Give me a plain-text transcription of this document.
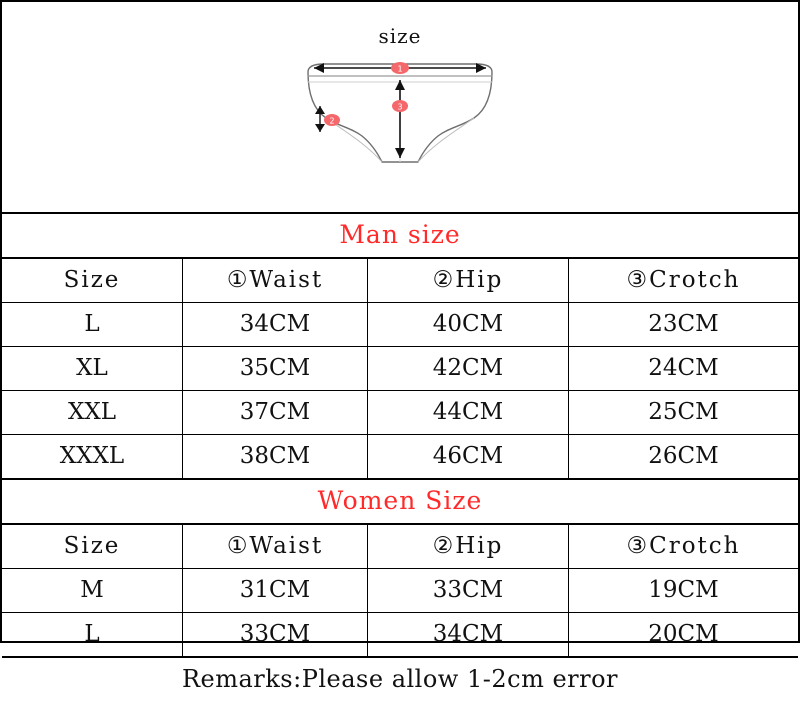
size
1
3
2
Man size
Size	①Waist	②Hip	③Crotch
L	34CM	40CM	23CM
XL	35CM	42CM	24CM
XXL	37CM	44CM	25CM
XXXL	38CM	46CM	26CM
Women Size
Size	①Waist	②Hip	③Crotch
M	31CM	33CM	19CM
L	33CM	34CM	20CM
Remarks:Please allow 1-2cm error
